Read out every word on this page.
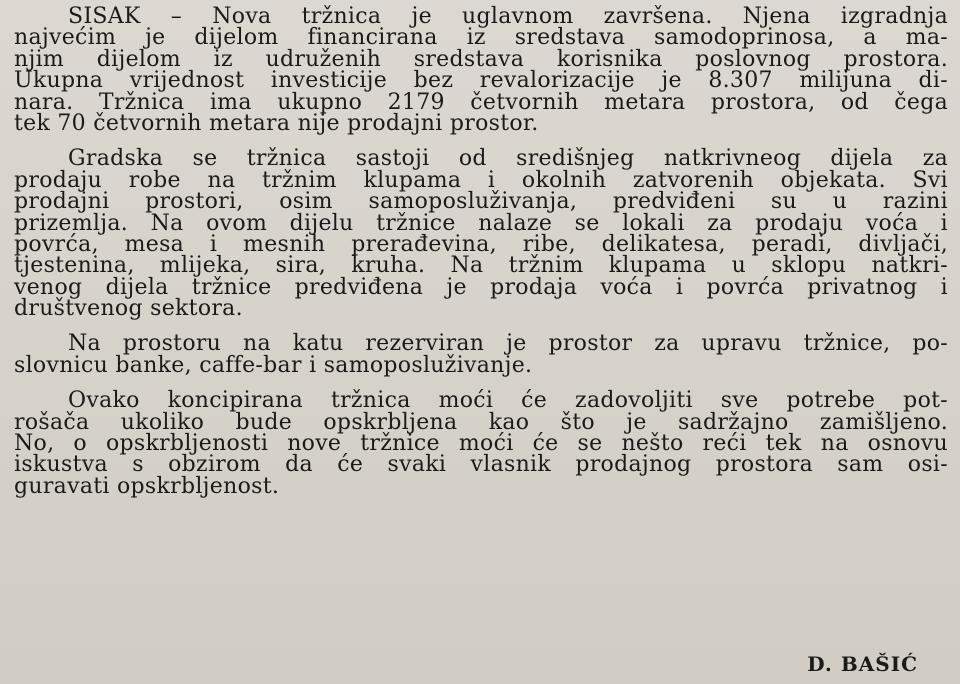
SISAK – Nova tržnica je uglavnom završena. Njena izgradnja
najvećim je dijelom financirana iz sredstava samodoprinosa, a ma-
njim dijelom iz udruženih sredstava korisnika poslovnog prostora.
Ukupna vrijednost investicije bez revalorizacije je 8.307 milijuna di-
nara. Tržnica ima ukupno 2179 četvornih metara prostora, od čega
tek 70 četvornih metara nije prodajni prostor.

Gradska se tržnica sastoji od središnjeg natkrivneog dijela za
prodaju robe na tržnim klupama i okolnih zatvorenih objekata. Svi
prodajni prostori, osim samoposluživanja, predviđeni su u razini
prizemlja. Na ovom dijelu tržnice nalaze se lokali za prodaju voća i
povrća, mesa i mesnih prerađevina, ribe, delikatesa, peradi, divljači,
tjestenina, mlijeka, sira, kruha. Na tržnim klupama u sklopu natkri-
venog dijela tržnice predviđena je prodaja voća i povrća privatnog i
društvenog sektora.

Na prostoru na katu rezerviran je prostor za upravu tržnice, po-
slovnicu banke, caffe-bar i samoposluživanje.

Ovako koncipirana tržnica moći će zadovoljiti sve potrebe pot-
rošača ukoliko bude opskrbljena kao što je sadržajno zamišljeno.
No, o opskrbljenosti nove tržnice moći će se nešto reći tek na osnovu
iskustva s obzirom da će svaki vlasnik prodajnog prostora sam osi-
guravati opskrbljenost.

D. BAŠIĆ
